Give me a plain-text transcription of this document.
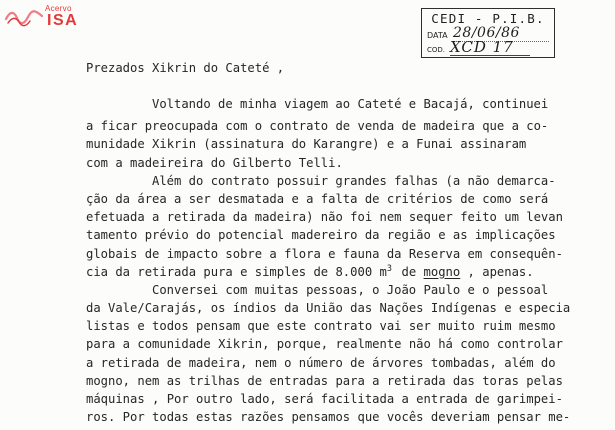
Acervo
ISA	CEDI - P.I.B.
DATA 28/06/86
COD. XCD 17
Prezados Xikrin do Cateté ,
Voltando de minha viagem ao Cateté e Bacajá, continuei
a ficar preocupada com o contrato de venda de madeira que a co-
munidade Xikrin (assinatura do Karangre) e a Funai assinaram
com a madeireira do Gilberto Telli.
Além do contrato possuir grandes falhas (a não demarca-
ção da área a ser desmatada e a falta de critérios de como será
efetuada a retirada da madeira) não foi nem sequer feito um levan
tamento prévio do potencial madereiro da região e as implicações
globais de impacto sobre a flora e fauna da Reserva em consequên-
cia da retirada pura e simples de 8.000 m3 de mogno , apenas.
Conversei com muitas pessoas, o João Paulo e o pessoal
da Vale/Carajás, os índios da União das Nações Indígenas e especia
listas e todos pensam que este contrato vai ser muito ruim mesmo
para a comunidade Xikrin, porque, realmente não há como controlar
a retirada de madeira, nem o número de árvores tombadas, além do
mogno, nem as trilhas de entradas para a retirada das toras pelas
máquinas , Por outro lado, será facilitada a entrada de garimpei-
ros. Por todas estas razões pensamos que vocês deveriam pensar me-
